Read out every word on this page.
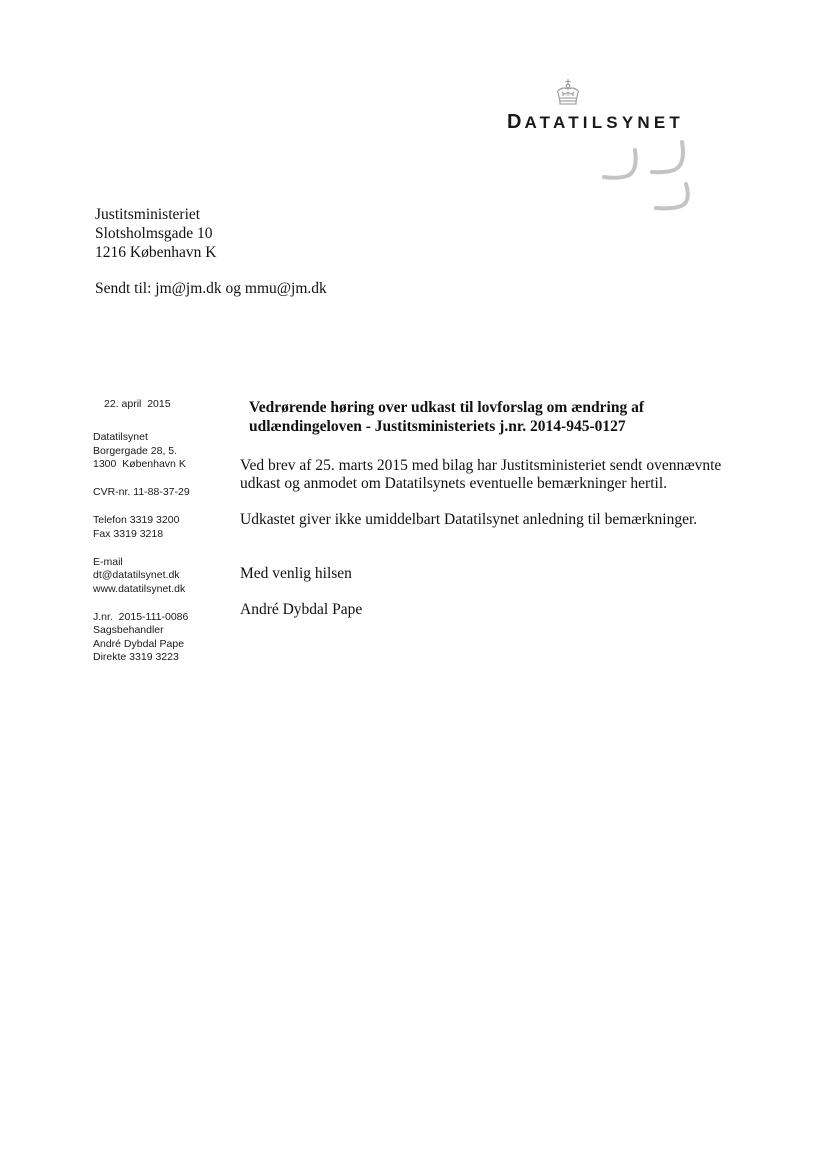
DATATILSYNET
Justitsministeriet
Slotsholmsgade 10
1216 København K
Sendt til: jm@jm.dk og mmu@jm.dk
22. april  2015
Datatilsynet
Borgergade 28, 5.
1300  København K
CVR-nr. 11-88-37-29
Telefon 3319 3200
Fax 3319 3218
E-mail
dt@datatilsynet.dk
www.datatilsynet.dk
J.nr.  2015-111-0086
Sagsbehandler
André Dybdal Pape
Direkte 3319 3223
Vedrørende høring over udkast til lovforslag om ændring af
udlændingeloven - Justitsministeriets j.nr. 2014-945-0127
Ved brev af 25. marts 2015 med bilag har Justitsministeriet sendt ovennævnte
udkast og anmodet om Datatilsynets eventuelle bemærkninger hertil.
Udkastet giver ikke umiddelbart Datatilsynet anledning til bemærkninger.
Med venlig hilsen
André Dybdal Pape
